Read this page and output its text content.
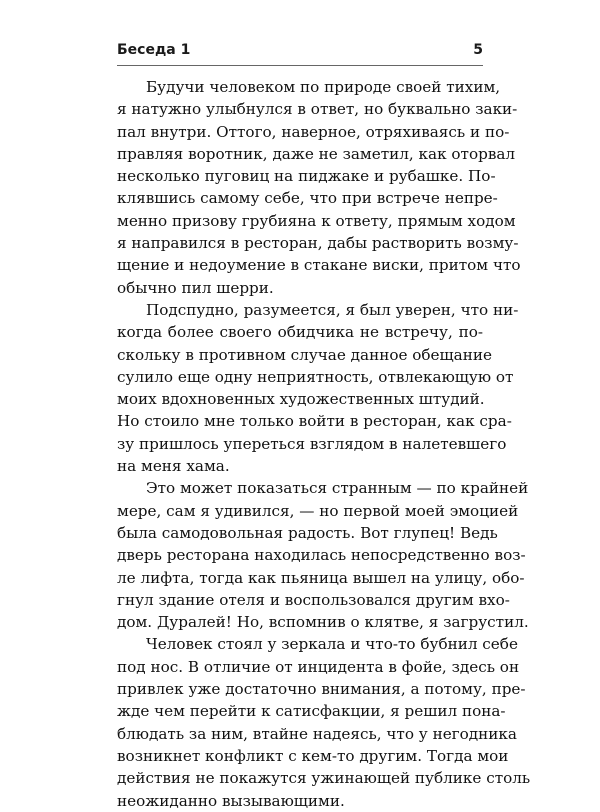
Беседа 1	5
Будучи человеком по природе своей тихим,
я натужно улыбнулся в ответ, но буквально заки-
пал внутри. Оттого, наверное, отряхиваясь и по-
правляя воротник, даже не заметил, как оторвал
несколько пуговиц на пиджаке и рубашке. По-
клявшись самому себе, что при встрече непре-
менно призову грубияна к ответу, прямым ходом
я направился в ресторан, дабы растворить возму-
щение и недоумение в стакане виски, притом что
обычно пил шерри.
Подспудно, разумеется, я был уверен, что ни-
когда более своего обидчика не встречу, по-
скольку в противном случае данное обещание
сулило еще одну неприятность, отвлекающую от
моих вдохновенных художественных штудий.
Но стоило мне только войти в ресторан, как сра-
зу пришлось упереться взглядом в налетевшего
на меня хама.
Это может показаться странным — по крайней
мере, сам я удивился, — но первой моей эмоцией
была самодовольная радость. Вот глупец! Ведь
дверь ресторана находилась непосредственно воз-
ле лифта, тогда как пьяница вышел на улицу, обо-
гнул здание отеля и воспользовался другим вхо-
дом. Дуралей! Но, вспомнив о клятве, я загрустил.
Человек стоял у зеркала и что-то бубнил себе
под нос. В отличие от инцидента в фойе, здесь он
привлек уже достаточно внимания, а потому, пре-
жде чем перейти к сатисфакции, я решил пона-
блюдать за ним, втайне надеясь, что у негодника
возникнет конфликт с кем-то другим. Тогда мои
действия не покажутся ужинающей публике столь
неожиданно вызывающими.
